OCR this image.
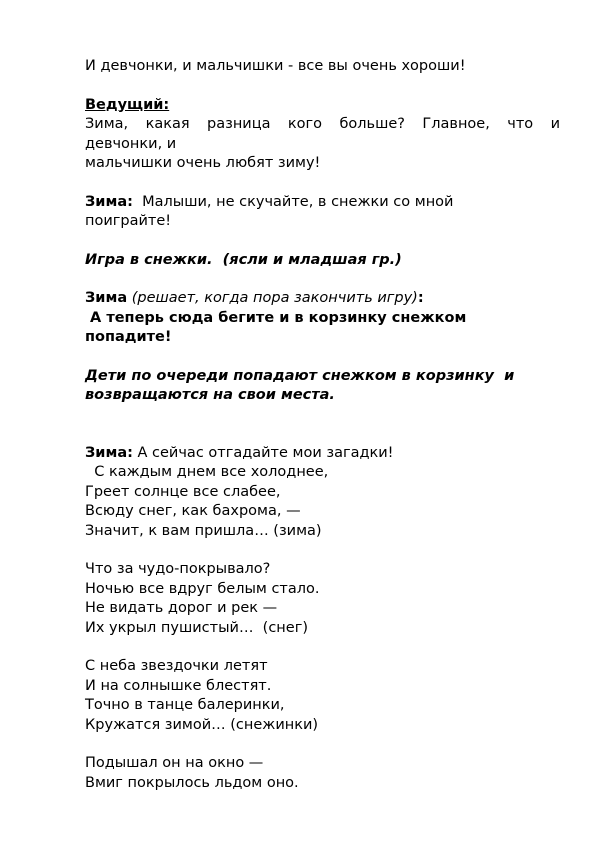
И девчонки, и мальчишки - все вы очень хороши!

Ведущий:

Зима, какая разница кого больше? Главное, что и

девчонки, и

мальчишки очень любят зиму!

Зима:  Малыши, не скучайте, в снежки со мной

поиграйте!

Игра в снежки.  (ясли и младшая гр.)

Зима (решает, когда пора закончить игру):

А теперь сюда бегите и в корзинку снежком

попадите!

Дети по очереди попадают снежком в корзинку  и

возвращаются на свои места.

Зима: А сейчас отгадайте мои загадки!

С каждым днем все холоднее,

Греет солнце все слабее,

Всюду снег, как бахрома, —

Значит, к вам пришла… (зима)

Что за чудо-покрывало?

Ночью все вдруг белым стало.

Не видать дорог и рек —

Их укрыл пушистый…  (снег)

С неба звездочки летят

И на солнышке блестят.

Точно в танце балеринки,

Кружатся зимой… (снежинки)

Подышал он на окно —

Вмиг покрылось льдом оно.
